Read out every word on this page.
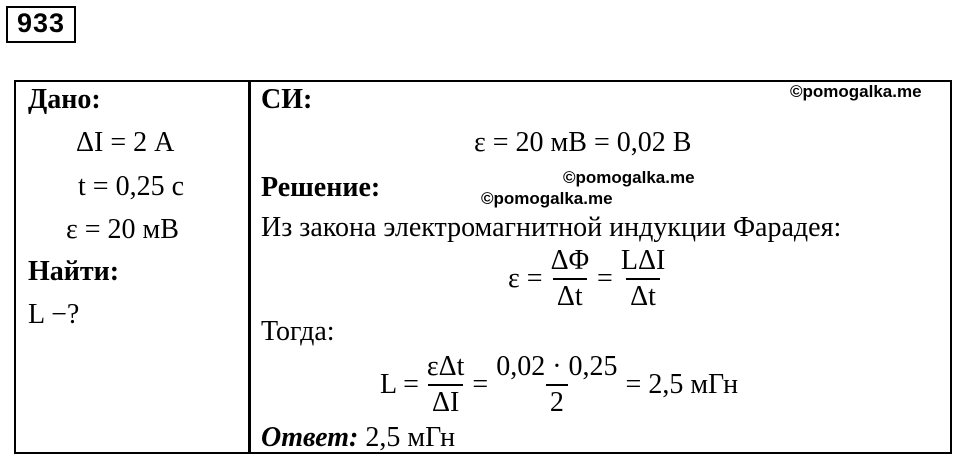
933
Дано:
ΔI = 2 А
t = 0,25 с
ε = 20 мВ
Найти:
L −?
СИ:	©pomogalka.me
ε = 20 мВ = 0,02 В
Решение:	©pomogalka.me
©pomogalka.me
Из закона электромагнитной индукции Фарадея:
$\varepsilon = \frac{\Delta\Phi}{\Delta t} = \frac{\text{LΔI}}{\Delta t}$
Тогда:
$L = \frac{\text{εΔt}}{\Delta I} = \frac{0,02 \cdot 0,25}{2} = 2,5$ мГн
Ответ: 2,5 мГн
